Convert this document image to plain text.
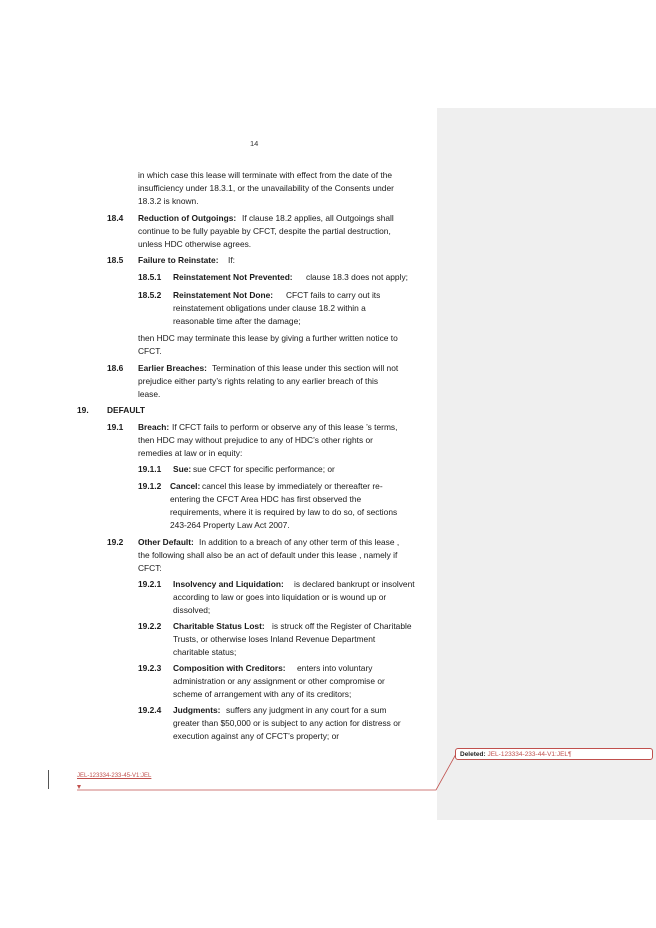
14
in which case this lease will terminate with effect from the date of the
insufficiency under 18.3.1, or the unavailability of the Consents under
18.3.2 is known.
18.4 Reduction of Outgoings: If clause 18.2 applies, all Outgoings shall
continue to be fully payable by CFCT, despite the partial destruction,
unless HDC otherwise agrees.
18.5 Failure to Reinstate: If:
18.5.1 Reinstatement Not Prevented: clause 18.3 does not apply;
18.5.2 Reinstatement Not Done: CFCT fails to carry out its
reinstatement obligations under clause 18.2 within a
reasonable time after the damage;
then HDC may terminate this lease by giving a further written notice to
CFCT.
18.6 Earlier Breaches: Termination of this lease under this section will not
prejudice either party’s rights relating to any earlier breach of this
lease.
19. DEFAULT
19.1 Breach: If CFCT fails to perform or observe any of this lease ’s terms,
then HDC may without prejudice to any of HDC’s other rights or
remedies at law or in equity:
19.1.1 Sue: sue CFCT for specific performance; or
19.1.2 Cancel: cancel this lease by immediately or thereafter re-
entering the CFCT Area HDC has first observed the
requirements, where it is required by law to do so, of sections
243-264 Property Law Act 2007.
19.2 Other Default: In addition to a breach of any other term of this lease ,
the following shall also be an act of default under this lease , namely if
CFCT:
19.2.1 Insolvency and Liquidation: is declared bankrupt or insolvent
according to law or goes into liquidation or is wound up or
dissolved;
19.2.2 Charitable Status Lost: is struck off the Register of Charitable
Trusts, or otherwise loses Inland Revenue Department
charitable status;
19.2.3 Composition with Creditors: enters into voluntary
administration or any assignment or other compromise or
scheme of arrangement with any of its creditors;
19.2.4 Judgments: suffers any judgment in any court for a sum
greater than $50,000 or is subject to any action for distress or
execution against any of CFCT’s property; or
JEL-123334-233-45-V1:JEL
Deleted: JEL-123334-233-44-V1:JEL¶
